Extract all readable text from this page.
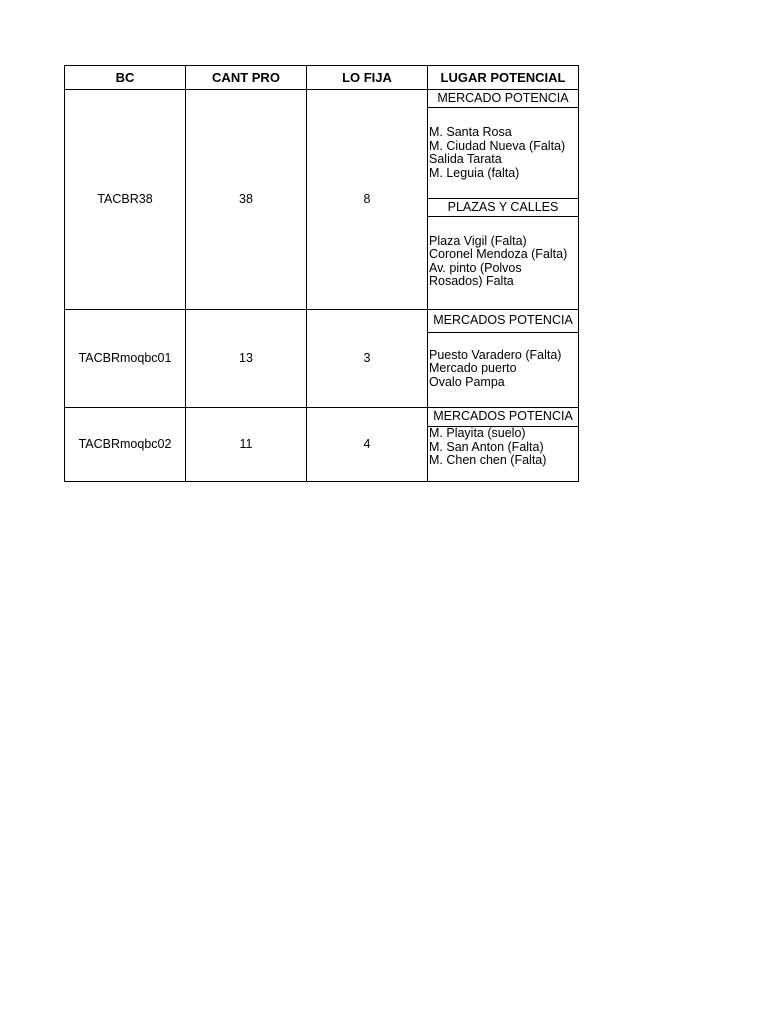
BC	CANT PRO	LO FIJA	LUGAR POTENCIAL
TACBR38	38	8	
MERCADO POTENCIA

M. Santa Rosa
M. Ciudad Nueva (Falta)
Salida Tarata
M. Leguia (falta)

PLAZAS Y CALLES

Plaza Vigil (Falta)
Coronel Mendoza (Falta)
Av. pinto (Polvos
Rosados) Falta

TACBRmoqbc01	13	3	
MERCADOS POTENCIA

Puesto Varadero (Falta)
Mercado puerto
Ovalo Pampa

TACBRmoqbc02	11	4	
MERCADOS POTENCIA

M. Playita (suelo)
M. San Anton (Falta)
M. Chen chen (Falta)
